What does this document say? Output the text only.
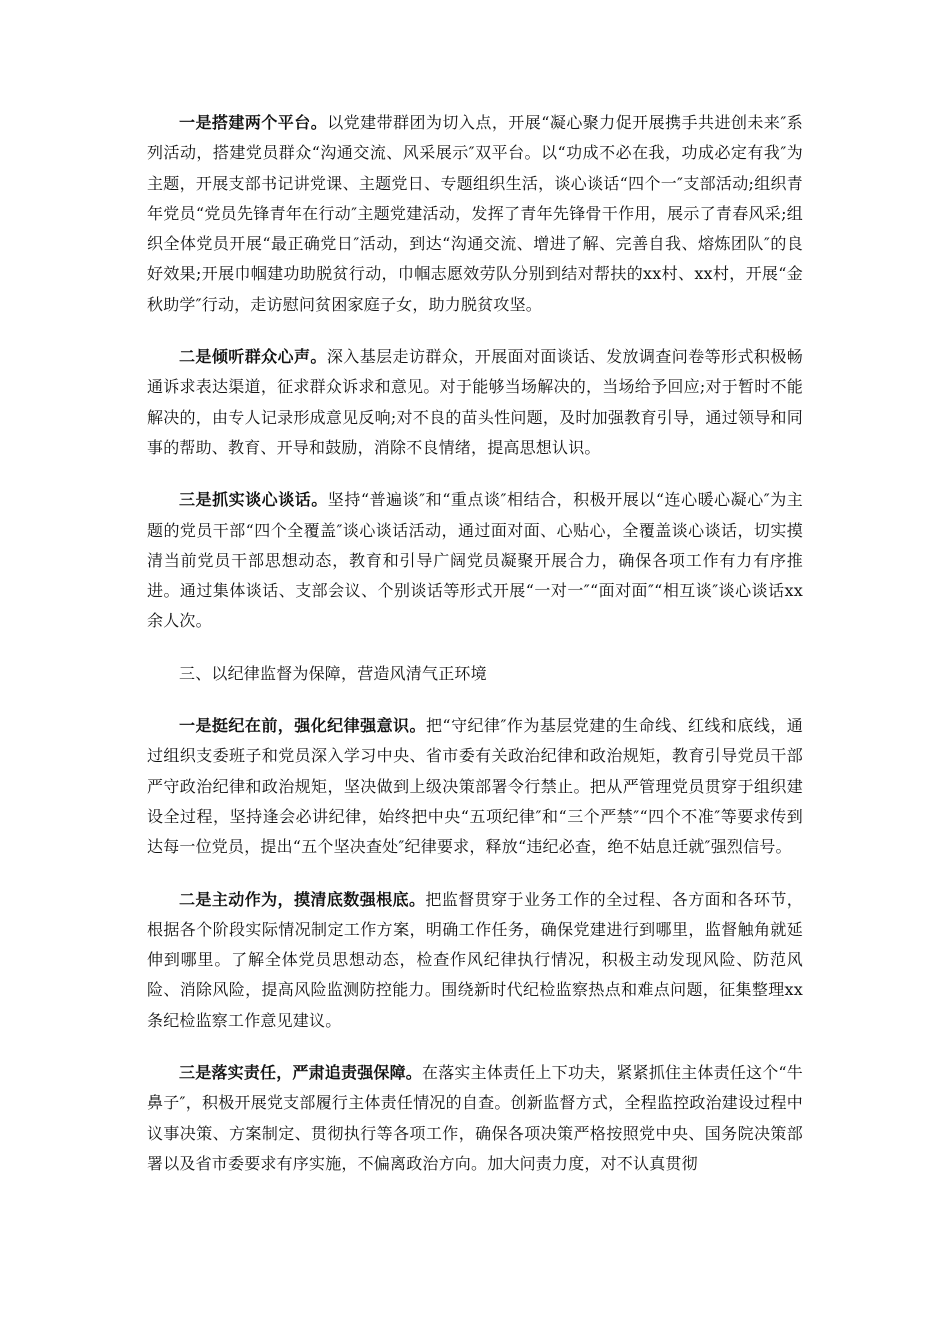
一是搭建两个平台。以党建带群团为切入点，开展“凝心聚力促开展携手共进创未来″系列活动，搭建党员群众“沟通交流、风采展示″双平台。以“功成不必在我，功成必定有我″为主题，开展支部书记讲党课、主题党日、专题组织生活，谈心谈话“四个一″支部活动;组织青年党员“党员先锋青年在行动″主题党建活动，发挥了青年先锋骨干作用，展示了青春风采;组织全体党员开展“最正确党日″活动，到达“沟通交流、增进了解、完善自我、熔炼团队″的良好效果;开展巾帼建功助脱贫行动，巾帼志愿效劳队分别到结对帮扶的xx村、xx村，开展“金秋助学″行动，走访慰问贫困家庭子女，助力脱贫攻坚。

二是倾听群众心声。深入基层走访群众，开展面对面谈话、发放调查问卷等形式积极畅通诉求表达渠道，征求群众诉求和意见。对于能够当场解决的，当场给予回应;对于暂时不能解决的，由专人记录形成意见反响;对不良的苗头性问题，及时加强教育引导，通过领导和同事的帮助、教育、开导和鼓励，消除不良情绪，提高思想认识。

三是抓实谈心谈话。坚持“普遍谈″和“重点谈″相结合，积极开展以“连心暖心凝心″为主题的党员干部“四个全覆盖″谈心谈话活动，通过面对面、心贴心，全覆盖谈心谈话，切实摸清当前党员干部思想动态，教育和引导广阔党员凝聚开展合力，确保各项工作有力有序推进。通过集体谈话、支部会议、个别谈话等形式开展“一对一″“面对面″“相互谈″谈心谈话xx余人次。

三、以纪律监督为保障，营造风清气正环境

一是挺纪在前，强化纪律强意识。把“守纪律″作为基层党建的生命线、红线和底线，通过组织支委班子和党员深入学习中央、省市委有关政治纪律和政治规矩，教育引导党员干部严守政治纪律和政治规矩，坚决做到上级决策部署令行禁止。把从严管理党员贯穿于组织建设全过程，坚持逢会必讲纪律，始终把中央“五项纪律″和“三个严禁″“四个不准″等要求传到达每一位党员，提出“五个坚决查处″纪律要求，释放“违纪必查，绝不姑息迁就″强烈信号。

二是主动作为，摸清底数强根底。把监督贯穿于业务工作的全过程、各方面和各环节，根据各个阶段实际情况制定工作方案，明确工作任务，确保党建进行到哪里，监督触角就延伸到哪里。了解全体党员思想动态，检查作风纪律执行情况，积极主动发现风险、防范风险、消除风险，提高风险监测防控能力。围绕新时代纪检监察热点和难点问题，征集整理xx条纪检监察工作意见建议。

三是落实责任，严肃追责强保障。在落实主体责任上下功夫，紧紧抓住主体责任这个“牛鼻子″，积极开展党支部履行主体责任情况的自查。创新监督方式，全程监控政治建设过程中议事决策、方案制定、贯彻执行等各项工作，确保各项决策严格按照党中央、国务院决策部署以及省市委要求有序实施，不偏离政治方向。加大问责力度，对不认真贯彻
